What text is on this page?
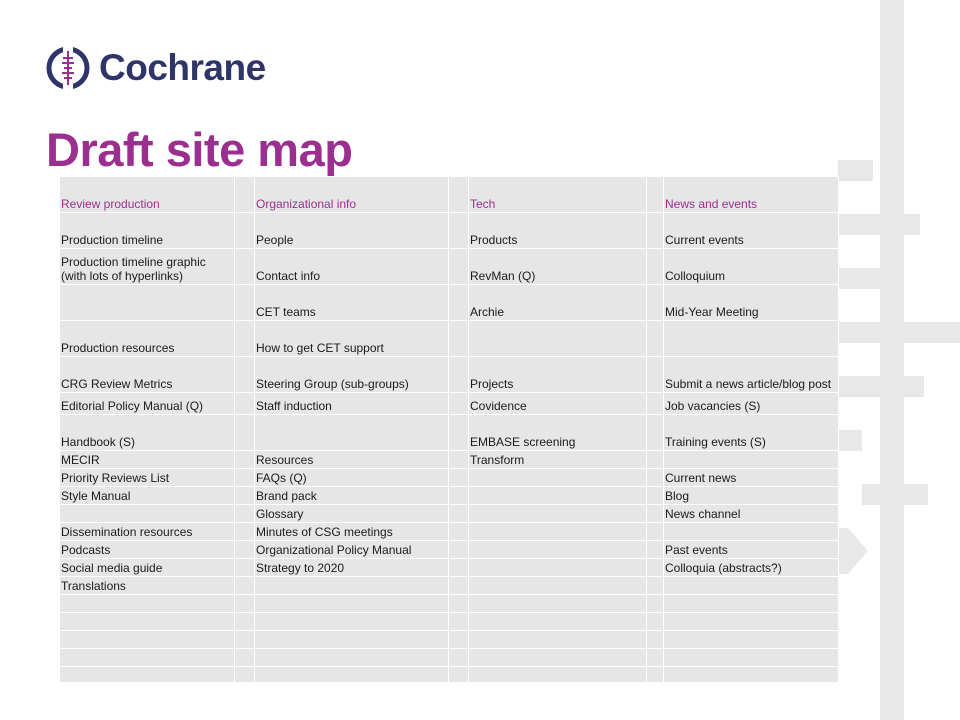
Cochrane
Draft site map
Review production		Organizational info		Tech		News and events
Production timeline		People		Products		Current events
Production timeline graphic (with lots of hyperlinks)		Contact info		RevMan (Q)		Colloquium
		CET teams		Archie		Mid-Year Meeting
Production resources		How to get CET support				
CRG Review Metrics		Steering Group (sub-groups)		Projects		Submit a news article/blog post
Editorial Policy Manual (Q)		Staff induction		Covidence		Job vacancies (S)
Handbook (S)				EMBASE screening		Training events (S)
MECIR		Resources		Transform		
Priority Reviews List		FAQs (Q)				Current news
Style Manual		Brand pack				Blog
		Glossary				News channel
Dissemination resources		Minutes of CSG meetings				
Podcasts		Organizational Policy Manual				Past events
Social media guide		Strategy to 2020				Colloquia (abstracts?)
Translations						
